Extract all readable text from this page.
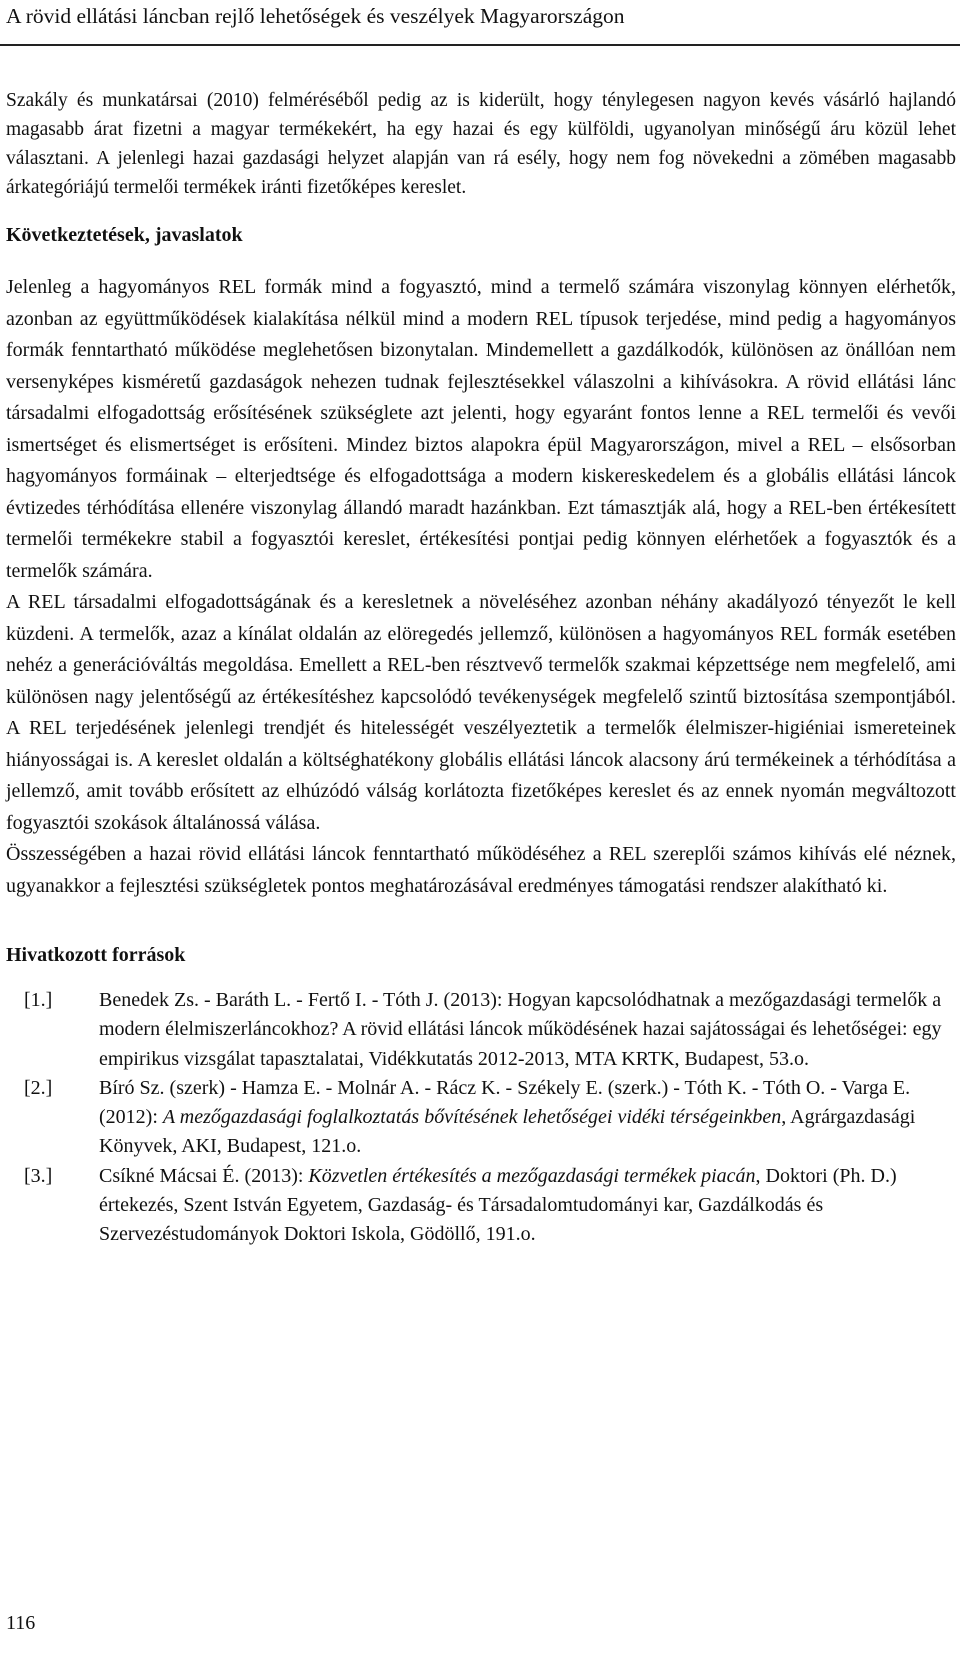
A rövid ellátási láncban rejlő lehetőségek és veszélyek Magyarországon

Szakály és munkatársai (2010) felméréséből pedig az is kiderült, hogy ténylegesen nagyon kevés vásárló hajlandó magasabb árat fizetni a magyar termékekért, ha egy hazai és egy külföldi, ugyanolyan minőségű áru közül lehet választani. A jelenlegi hazai gazdasági helyzet alapján van rá esély, hogy nem fog növekedni a zömében magasabb árkategóriájú termelői termékek iránti fizetőképes kereslet.

Következtetések, javaslatok

Jelenleg a hagyományos REL formák mind a fogyasztó, mind a termelő számára viszonylag könnyen elérhetők, azonban az együttműködések kialakítása nélkül mind a modern REL típusok terjedése, mind pedig a hagyományos formák fenntartható működése meglehetősen bizonytalan. Mindemellett a gazdálkodók, különösen az önállóan nem versenyképes kisméretű gazdaságok nehezen tudnak fejlesztésekkel válaszolni a kihívásokra. A rövid ellátási lánc társadalmi elfogadottság erősítésének szükséglete azt jelenti, hogy egyaránt fontos lenne a REL termelői és vevői ismertséget és elismertséget is erősíteni. Mindez biztos alapokra épül Magyarországon, mivel a REL – elsősorban hagyományos formáinak – elterjedtsége és elfogadottsága a modern kiskereskedelem és a globális ellátási láncok évtizedes térhódítása ellenére viszonylag állandó maradt hazánkban. Ezt támasztják alá, hogy a REL-ben értékesített termelői termékekre stabil a fogyasztói kereslet, értékesítési pontjai pedig könnyen elérhetőek a fogyasztók és a termelők számára.

A REL társadalmi elfogadottságának és a keresletnek a növeléséhez azonban néhány akadályozó tényezőt le kell küzdeni. A termelők, azaz a kínálat oldalán az elöregedés jellemző, különösen a hagyományos REL formák esetében nehéz a generációváltás megoldása. Emellett a REL-ben résztvevő termelők szakmai képzettsége nem megfelelő, ami különösen nagy jelentőségű az értékesítéshez kapcsolódó tevékenységek megfelelő szintű biztosítása szempontjából. A REL terjedésének jelenlegi trendjét és hitelességét veszélyeztetik a termelők élelmiszer-higiéniai ismereteinek hiányosságai is. A kereslet oldalán a költséghatékony globális ellátási láncok alacsony árú termékeinek a térhódítása a jellemző, amit tovább erősített az elhúzódó válság korlátozta fizetőképes kereslet és az ennek nyomán megváltozott fogyasztói szokások általánossá válása.

Összességében a hazai rövid ellátási láncok fenntartható működéséhez a REL szereplői számos kihívás elé néznek, ugyanakkor a fejlesztési szükségletek pontos meghatározásával eredményes támogatási rendszer alakítható ki.

Hivatkozott források
[1.] Benedek Zs. - Baráth L. - Fertő I. - Tóth J. (2013): Hogyan kapcsolódhatnak a mezőgazdasági termelők a modern élelmiszerláncokhoz? A rövid ellátási láncok működésének hazai sajátosságai és lehetőségei: egy empirikus vizsgálat tapasztalatai, Vidékkutatás 2012-2013, MTA KRTK, Budapest, 53.o.
[2.] Bíró Sz. (szerk) - Hamza E. - Molnár A. - Rácz K. - Székely E. (szerk.) - Tóth K. - Tóth O. - Varga E. (2012): A mezőgazdasági foglalkoztatás bővítésének lehetőségei vidéki térségeinkben, Agrárgazdasági Könyvek, AKI, Budapest, 121.o.
[3.] Csíkné Mácsai É. (2013): Közvetlen értékesítés a mezőgazdasági termékek piacán, Doktori (Ph. D.) értekezés, Szent István Egyetem, Gazdaság- és Társadalomtudományi kar, Gazdálkodás és Szervezéstudományok Doktori Iskola, Gödöllő, 191.o.
116
